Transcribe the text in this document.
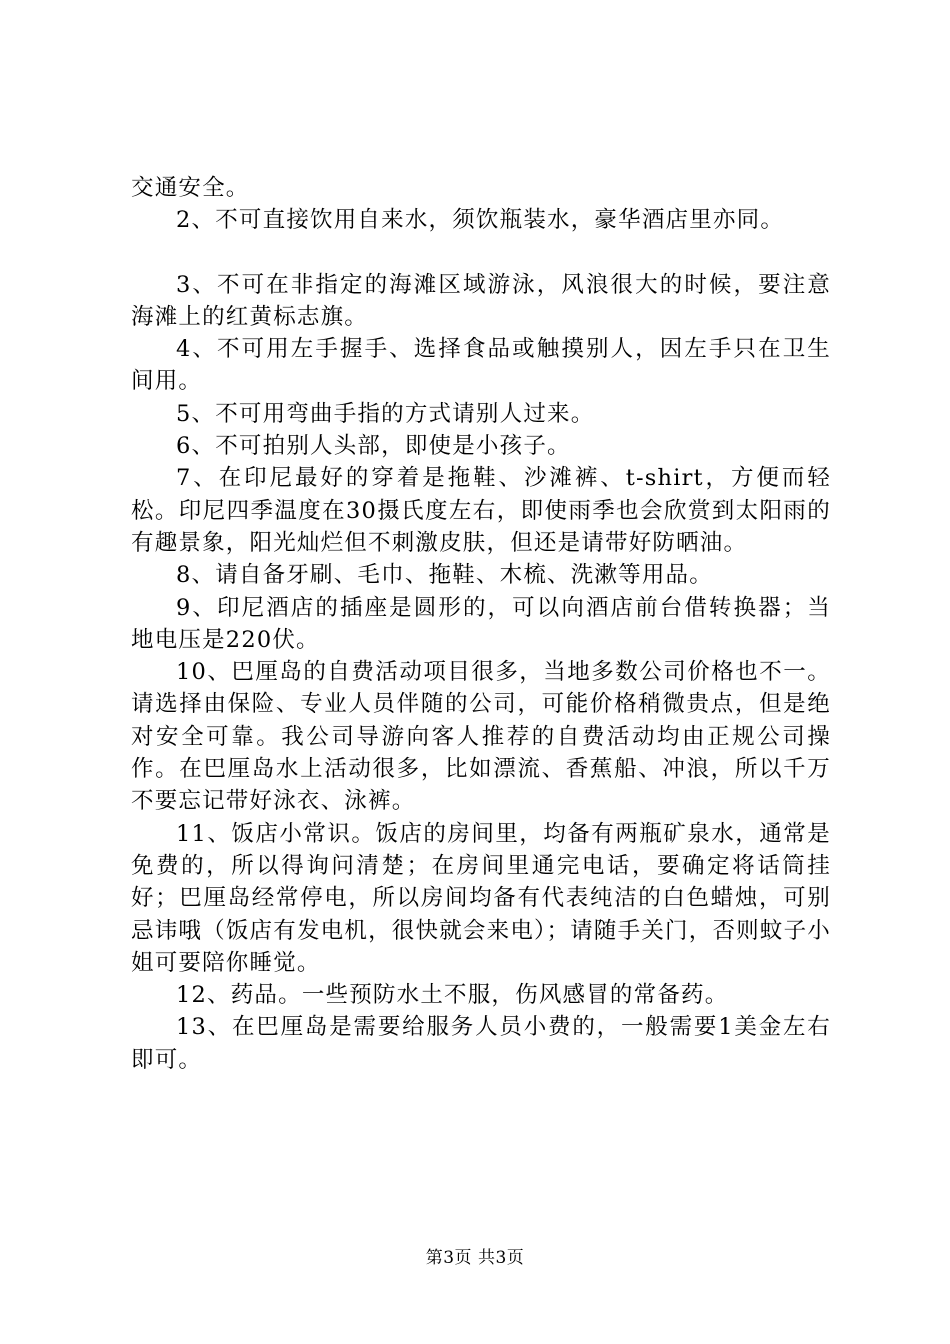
交通安全。

2、不可直接饮用自来水，须饮瓶装水，豪华酒店里亦同。

3、不可在非指定的海滩区域游泳，风浪很大的时候，要注意海滩上的红黄标志旗。

4、不可用左手握手、选择食品或触摸别人，因左手只在卫生间用。

5、不可用弯曲手指的方式请别人过来。

6、不可拍别人头部，即使是小孩子。

7、在印尼最好的穿着是拖鞋、沙滩裤、t-shirt，方便而轻松。印尼四季温度在30摄氏度左右，即使雨季也会欣赏到太阳雨的有趣景象，阳光灿烂但不刺激皮肤，但还是请带好防晒油。

8、请自备牙刷、毛巾、拖鞋、木梳、洗漱等用品。

9、印尼酒店的插座是圆形的，可以向酒店前台借转换器；当地电压是220伏。

10、巴厘岛的自费活动项目很多，当地多数公司价格也不一。请选择由保险、专业人员伴随的公司，可能价格稍微贵点，但是绝对安全可靠。我公司导游向客人推荐的自费活动均由正规公司操作。在巴厘岛水上活动很多，比如漂流、香蕉船、冲浪，所以千万不要忘记带好泳衣、泳裤。

11、饭店小常识。饭店的房间里，均备有两瓶矿泉水，通常是免费的，所以得询问清楚；在房间里通完电话，要确定将话筒挂好；巴厘岛经常停电，所以房间均备有代表纯洁的白色蜡烛，可别忌讳哦（饭店有发电机，很快就会来电）；请随手关门，否则蚊子小姐可要陪你睡觉。

12、药品。一些预防水土不服，伤风感冒的常备药。

13、在巴厘岛是需要给服务人员小费的，一般需要1美金左右即可。

第3页 共3页
